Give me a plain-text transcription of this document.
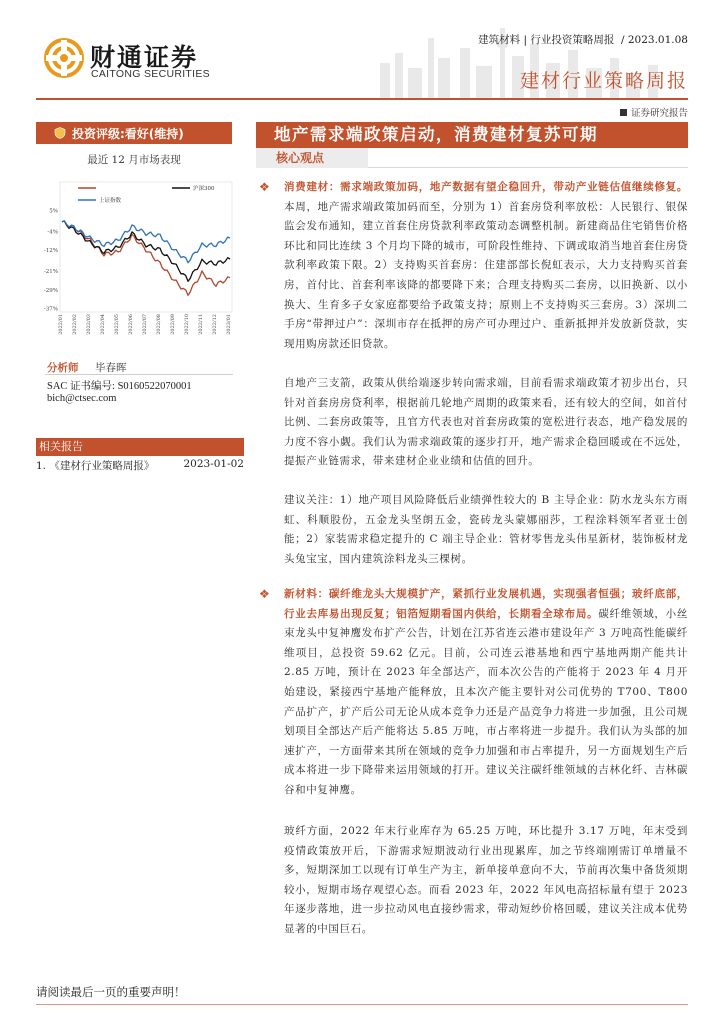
财通证券
CAITONG SECURITIES
建筑材料 | 行业投资策略周报  / 2023.01.08
建材行业策略周报
证券研究报告
投资评级:看好(维持)
最近 12 月市场表现
沪深300
上证指数
5%
-4%
-12%
-21%
-29%
-37%
2022/01 2022/02 2022/03 2022/04 2022/05 2022/06 2022/07 2022/08 2022/09 2022/10 2022/11 2022/12 2023/01
分析师 毕春晖
SAC 证书编号: S0160522070001
bich@ctsec.com
相关报告
1. 《建材行业策略周报》	2023-01-02
地产需求端政策启动，消费建材复苏可期
核心观点
❖ 消费建材：需求端政策加码，地产数据有望企稳回升，带动产业链估值继续修复。本周，地产需求端政策加码而至，分别为 1）首套房贷利率放松：人民银行、银保监会发布通知，建立首套住房贷款利率政策动态调整机制。新建商品住宅销售价格环比和同比连续 3 个月均下降的城市，可阶段性维持、下调或取消当地首套住房贷款利率政策下限。2）支持购买首套房：住建部部长倪虹表示，大力支持购买首套房，首付比、首套利率该降的都要降下来；合理支持购买二套房，以旧换新、以小换大、生育多子女家庭都要给予政策支持；原则上不支持购买三套房。3）深圳二手房“带押过户”：深圳市存在抵押的房产可办理过户、重新抵押并发放新贷款，实现用购房款还旧贷款。
自地产三支箭，政策从供给端逐步转向需求端，目前看需求端政策才初步出台，只针对首套房房贷利率，根据前几轮地产周期的政策来看，还有较大的空间，如首付比例、二套房政策等，且官方代表也对首套房政策的宽松进行表态，地产稳发展的力度不容小觑。我们认为需求端政策的逐步打开，地产需求企稳回暖或在不远处，提振产业链需求，带来建材企业业绩和估值的回升。
建议关注：1）地产项目风险降低后业绩弹性较大的 B 主导企业：防水龙头东方雨虹、科顺股份，五金龙头坚朗五金，瓷砖龙头蒙娜丽莎，工程涂料领军者亚士创能；2）家装需求稳定提升的 C 端主导企业：管材零售龙头伟星新材，装饰板材龙头兔宝宝，国内建筑涂料龙头三棵树。
❖ 新材料：碳纤维龙头大规模扩产，紧抓行业发展机遇，实现强者恒强；玻纤底部，行业去库易出现反复；铝箔短期看国内供给，长期看全球布局。碳纤维领域，小丝束龙头中复神鹰发布扩产公告，计划在江苏省连云港市建设年产 3 万吨高性能碳纤维项目，总投资 59.62 亿元。目前，公司连云港基地和西宁基地两期产能共计 2.85 万吨，预计在 2023 年全部达产，而本次公告的产能将于 2023 年 4 月开始建设，紧接西宁基地产能释放，且本次产能主要针对公司优势的 T700、T800 产品扩产，扩产后公司无论从成本竞争力还是产品竞争力将进一步加强，且公司规划项目全部达产后产能将达 5.85 万吨，市占率将进一步提升。我们认为头部的加速扩产，一方面带来其所在领域的竞争力加强和市占率提升，另一方面规划生产后成本将进一步下降带来运用领域的打开。建议关注碳纤维领域的吉林化纤、吉林碳谷和中复神鹰。
玻纤方面，2022 年末行业库存为 65.25 万吨，环比提升 3.17 万吨，年末受到疫情政策放开后，下游需求短期波动行业出现累库，加之节终端刚需订单增量不多，短期深加工以现有订单生产为主，新单接单意向不大，节前再次集中备货须期较小，短期市场存观望心态。而看 2023 年，2022 年风电高招标量有望于 2023 年逐步落地，进一步拉动风电直接纱需求，带动短纱价格回暖，建议关注成本优势显著的中国巨石。
请阅读最后一页的重要声明！
